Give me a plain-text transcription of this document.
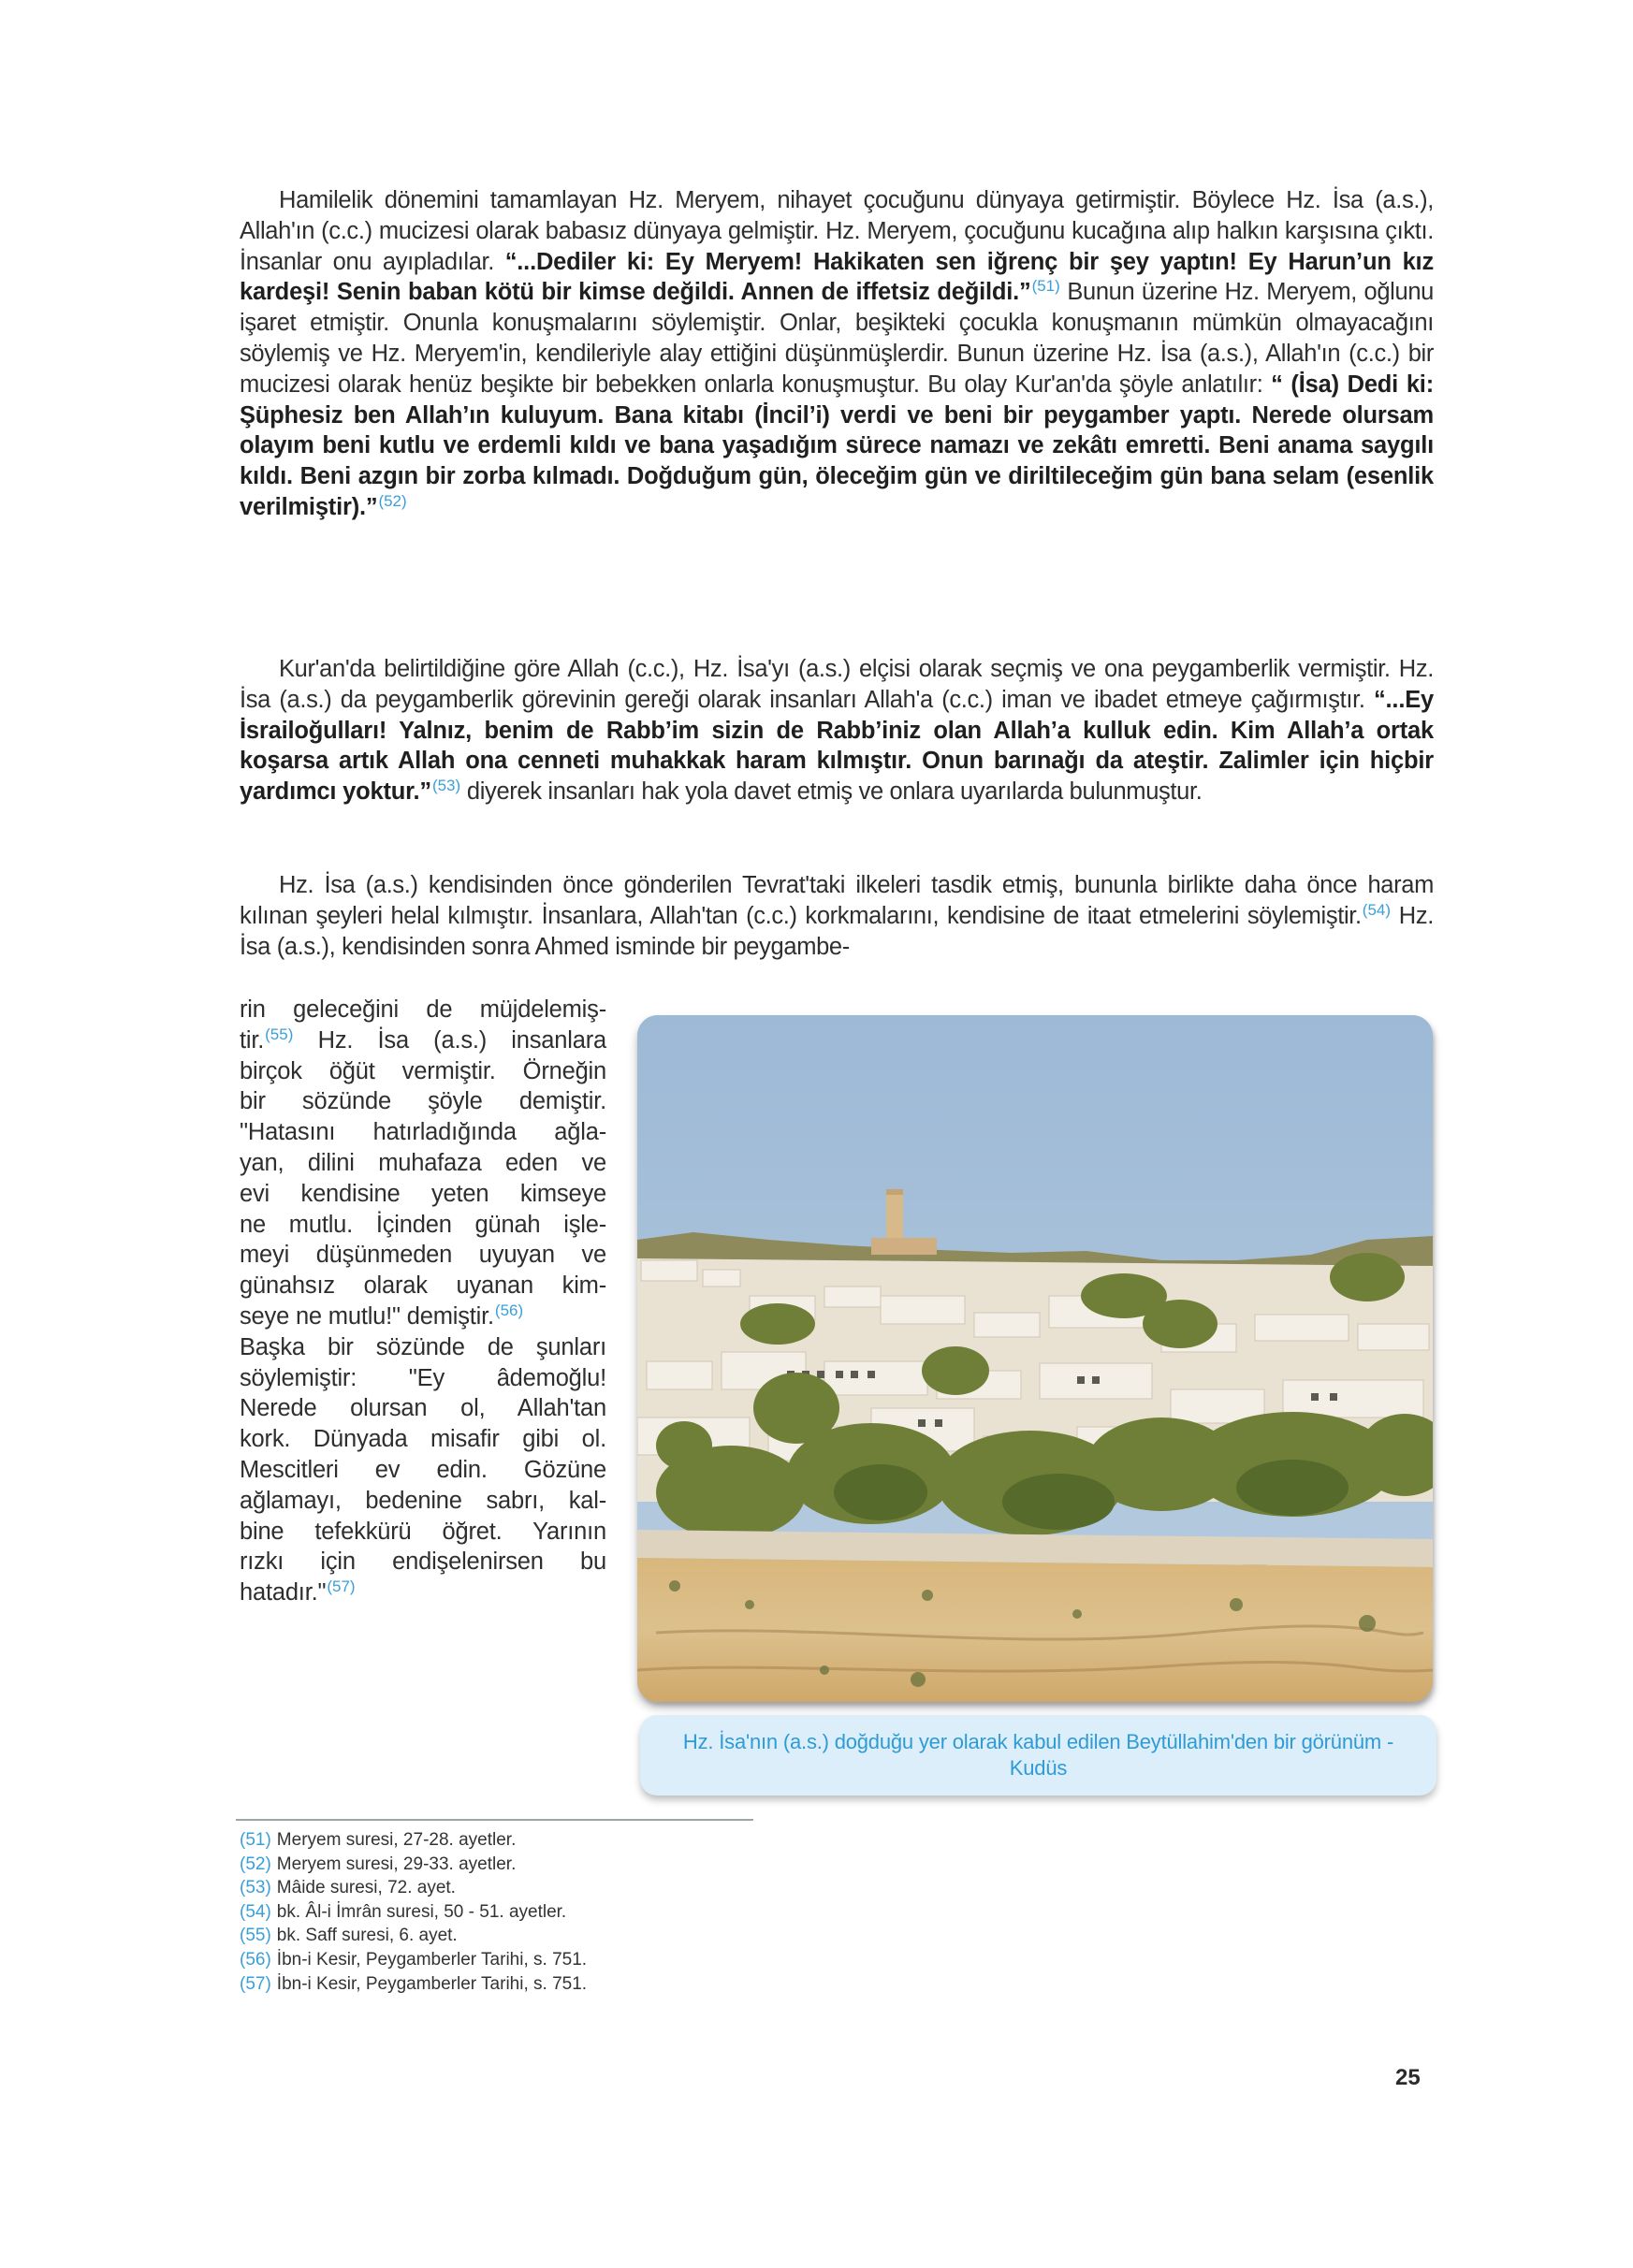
Hamilelik dönemini tamamlayan Hz. Meryem, nihayet çocuğunu dünyaya getirmiştir. Böylece Hz. İsa (a.s.), Allah'ın (c.c.) mucizesi olarak babasız dünyaya gelmiştir. Hz. Meryem, çocuğunu kucağına alıp halkın karşısına çıktı. İnsanlar onu ayıpladılar. “...Dediler ki: Ey Meryem! Hakikaten sen iğrenç bir şey yaptın! Ey Harun’un kız kardeşi! Senin baban kötü bir kimse değildi. Annen de iffetsiz değildi.”$^{(51)}$ Bunun üzerine Hz. Meryem, oğlunu işaret etmiştir. Onunla konuşmalarını söylemiştir. Onlar, beşikteki çocukla konuşmanın mümkün olmayacağını söylemiş ve Hz. Meryem'in, kendileriyle alay ettiğini düşünmüşlerdir. Bunun üzerine Hz. İsa (a.s.), Allah'ın (c.c.) bir mucizesi olarak henüz beşikte bir bebekken onlarla konuşmuştur. Bu olay Kur'an'da şöyle anlatılır: “ (İsa) Dedi ki: Şüphesiz ben Allah’ın kuluyum. Bana kitabı (İncil’i) verdi ve beni bir peygamber yaptı. Nerede olursam olayım beni kutlu ve erdemli kıldı ve bana yaşadığım sürece namazı ve zekâtı emretti. Beni anama saygılı kıldı. Beni azgın bir zorba kılmadı. Doğduğum gün, öleceğim gün ve diriltileceğim gün bana selam (esenlik verilmiştir).”$^{(52)}$

Kur'an'da belirtildiğine göre Allah (c.c.), Hz. İsa'yı (a.s.) elçisi olarak seçmiş ve ona peygamberlik vermiştir. Hz. İsa (a.s.) da peygamberlik görevinin gereği olarak insanları Allah'a (c.c.) iman ve ibadet etmeye çağırmıştır. “...Ey İsrailoğulları! Yalnız, benim de Rabb’im sizin de Rabb’iniz olan Allah’a kulluk edin. Kim Allah’a ortak koşarsa artık Allah ona cenneti muhakkak haram kılmıştır. Onun barınağı da ateştir. Zalimler için hiçbir yardımcı yoktur.”$^{(53)}$ diyerek insanları hak yola davet etmiş ve onlara uyarılarda bulunmuştur.

Hz. İsa (a.s.) kendisinden önce gönderilen Tevrat'taki ilkeleri tasdik etmiş, bununla birlikte daha önce haram kılınan şeyleri helal kılmıştır. İnsanlara, Allah'tan (c.c.) korkmalarını, kendisine de itaat etmelerini söylemiştir.$^{(54)}$ Hz. İsa (a.s.), kendisinden sonra Ahmed isminde bir peygambe-

rin geleceğini de müjdelemiş-
tir.$^{(55)}$ Hz. İsa (a.s.) insanlara
birçok öğüt vermiştir. Örneğin
bir sözünde şöyle demiştir.
"Hatasını hatırladığında ağla-
yan, dilini muhafaza eden ve
evi kendisine yeten kimseye
ne mutlu. İçinden günah işle-
meyi düşünmeden uyuyan ve
günahsız olarak uyanan kim-
seye ne mutlu!" demiştir.$^{(56)}$
Başka bir sözünde de şunları
söylemiştir: "Ey âdemoğlu!
Nerede olursan ol, Allah'tan
kork. Dünyada misafir gibi ol.
Mescitleri ev edin. Gözüne
ağlamayı, bedenine sabrı, kal-
bine tefekkürü öğret. Yarının
rızkı için endişelenirsen bu
hatadır."$^{(57)}$
Hz. İsa'nın (a.s.) doğduğu yer olarak kabul edilen Beytüllahim'den bir görünüm - Kudüs
(51) Meryem suresi, 27-28. ayetler.
(52) Meryem suresi, 29-33. ayetler.
(53) Mâide suresi, 72. ayet.
(54) bk. Âl-i İmrân suresi, 50 - 51. ayetler.
(55) bk. Saff suresi, 6. ayet.
(56) İbn-i Kesir, Peygamberler Tarihi, s. 751.
(57) İbn-i Kesir, Peygamberler Tarihi, s. 751.
25
